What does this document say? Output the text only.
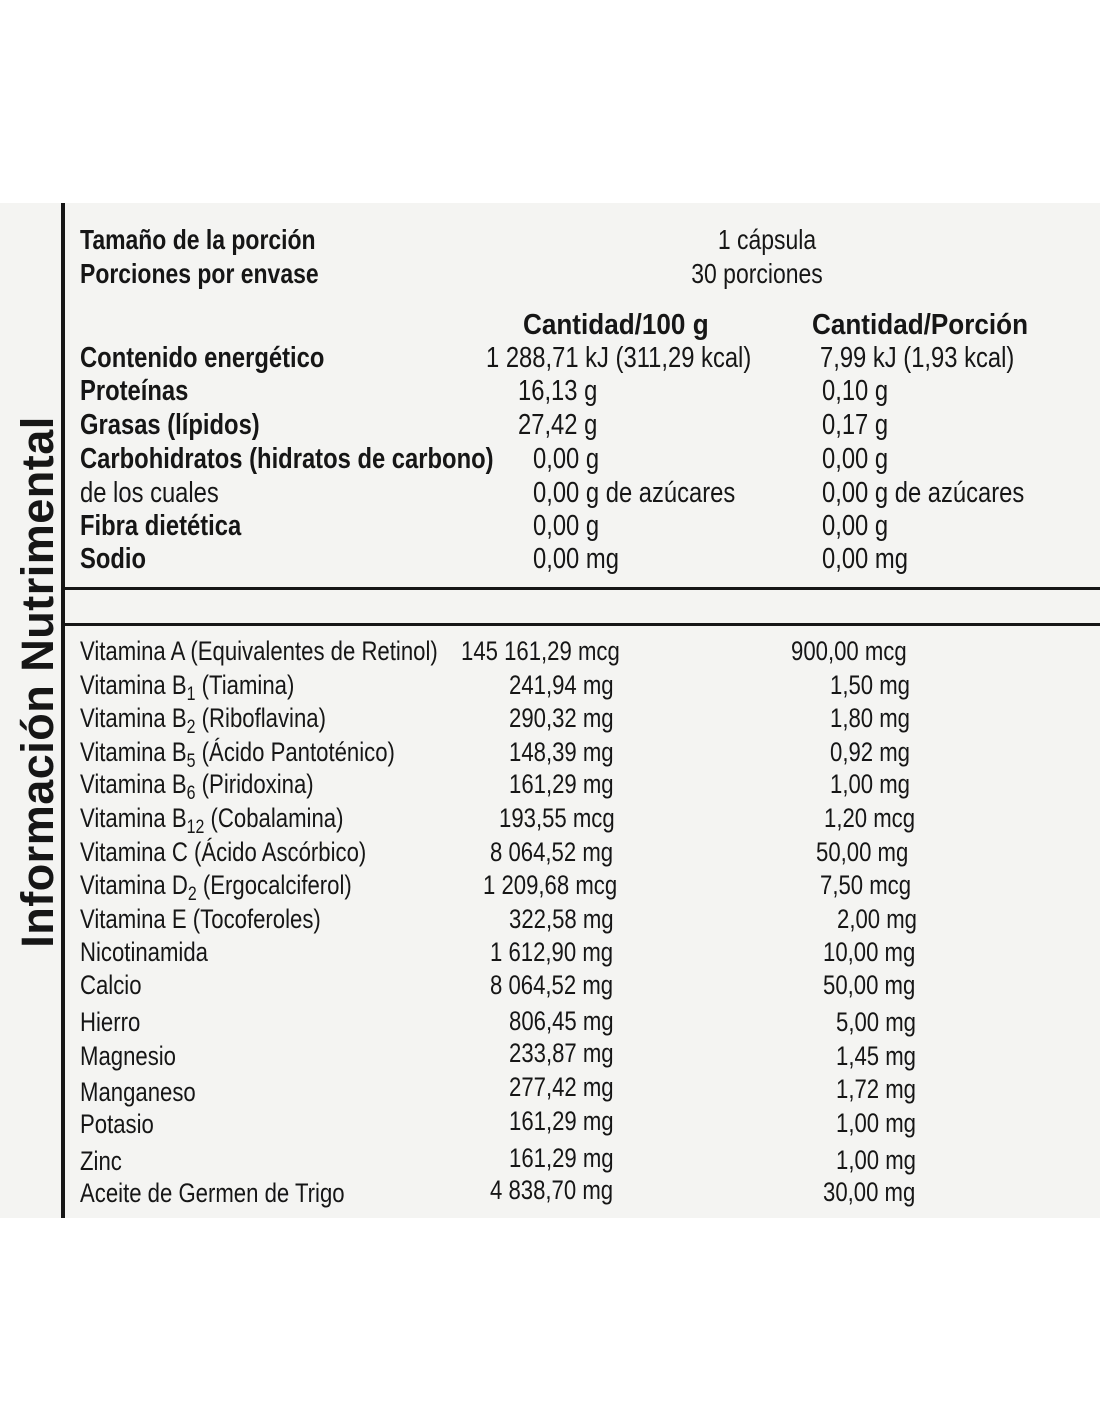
Información Nutrimental
Tamaño de la porción	1 cápsula
Porciones por envase	30 porciones
Cantidad/100 g	Cantidad/Porción
Contenido energético	1 288,71 kJ (311,29 kcal) 7,99 kJ (1,93 kcal)
Proteínas	16,13 g	0,10 g
Grasas (lípidos)	27,42 g	0,17 g
Carbohidratos (hidratos de carbono) 0,00 g	0,00 g
de los cuales	0,00 g de azúcares	0,00 g de azúcares
Fibra dietética	0,00 g	0,00 g
Sodio	0,00 mg	0,00 mg
Vitamina A (Equivalentes de Retinol) 145 161,29 mcg	900,00 mcg
Vitamina $B_1$ (Tiamina)	241,94 mg	1,50 mg
Vitamina $B_2$ (Riboflavina)	290,32 mg	1,80 mg
Vitamina $B_5$ (Ácido Pantoténico)	148,39 mg	0,92 mg
Vitamina $B_6$ (Piridoxina)	161,29 mg	1,00 mg
Vitamina $B_{12}$ (Cobalamina)	193,55 mcg	1,20 mcg
Vitamina C (Ácido Ascórbico)	8 064,52 mg	50,00 mg
Vitamina $D_2$ (Ergocalciferol)	1 209,68 mcg	7,50 mcg
Vitamina E (Tocoferoles)	322,58 mg	2,00 mg
Nicotinamida	1 612,90 mg	10,00 mg
Calcio	8 064,52 mg	50,00 mg
Hierro	806,45 mg	5,00 mg
Magnesio	233,87 mg	1,45 mg
Manganeso	277,42 mg	1,72 mg
Potasio	161,29 mg	1,00 mg
Zinc	161,29 mg	1,00 mg
Aceite de Germen de Trigo	4 838,70 mg	30,00 mg
